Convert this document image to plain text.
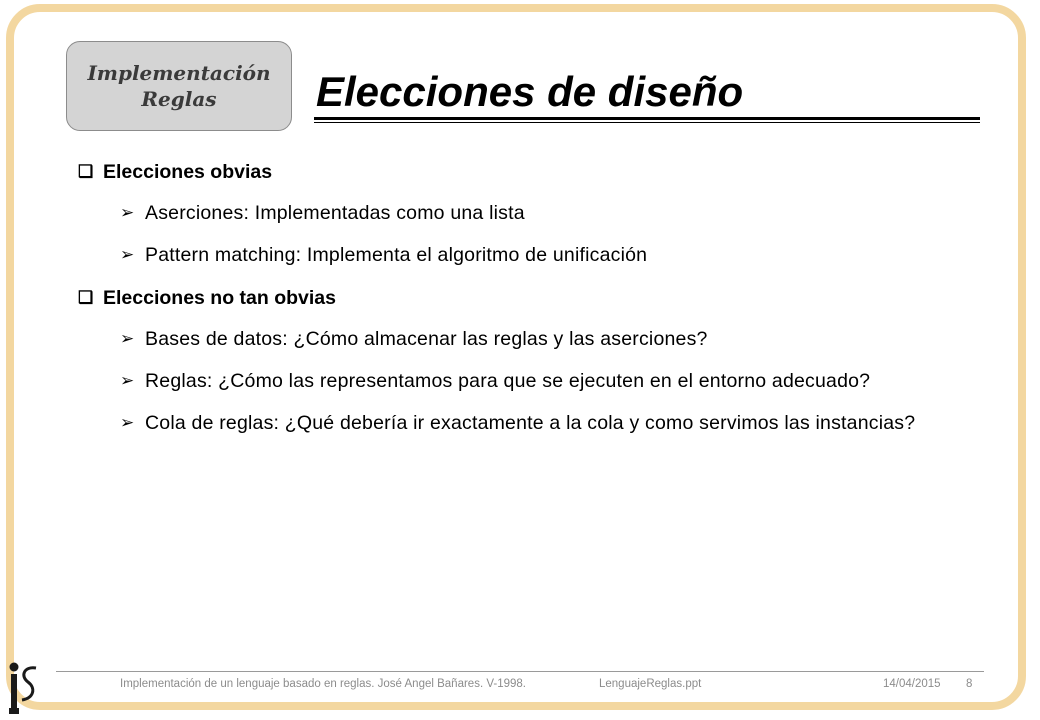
Implementación
Reglas Elecciones de diseño
❑ Elecciones obvias
➢ Aserciones: Implementadas como una lista
➢ Pattern matching: Implementa el algoritmo de unificación
❑ Elecciones no tan obvias
➢ Bases de datos: ¿Cómo almacenar las reglas y las aserciones?
➢ Reglas: ¿Cómo las representamos para que se ejecuten en el entorno adecuado?
➢ Cola de reglas: ¿Qué debería ir exactamente a la cola y como servimos las instancias?
Implementación de un lenguaje basado en reglas. José Angel Bañares. V-1998.	LenguajeReglas.ppt	14/04/2015 8
